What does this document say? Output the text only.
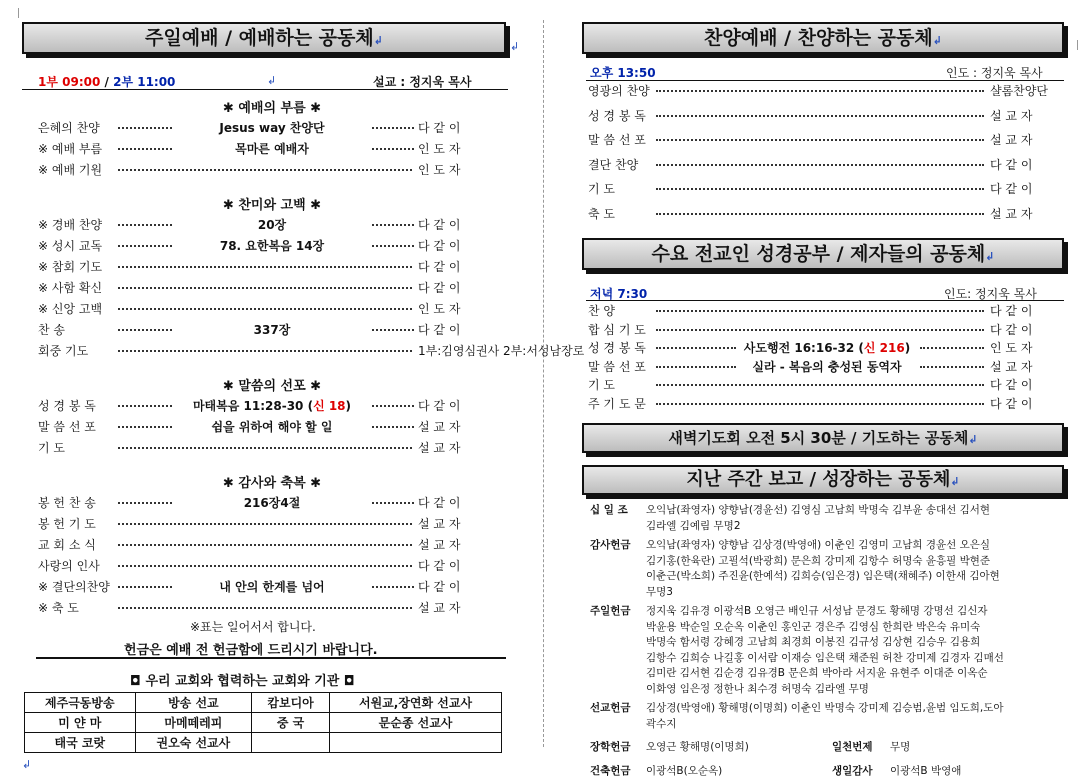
주일예배 / 예배하는 공동체↲	↲
1부 09:00 / 2부 11:00	↲	설교 : 정지욱 목사
✱ 예배의 부름 ✱
은혜의 찬양	Jesus way 찬양단	다 같 이
※ 예배 부름	목마른 예배자	인 도 자
※ 예배 기원	인 도 자
✱ 찬미와 고백 ✱
※ 경배 찬양	20장	다 같 이
※ 성시 교독	78. 요한복음 14장	다 같 이
※ 참회 기도	다 같 이
※ 사함 확신	다 같 이
※ 신앙 고백	인 도 자
찬 송	337장	다 같 이
회중 기도	1부:김영심권사 2부:서성남장로
✱ 말씀의 선포 ✱
성 경 봉 독	마태복음 11:28-30 (신 18)	다 같 이
말 씀 선 포	쉼을 위하여 해야 할 일	설 교 자
기 도	설 교 자
✱ 감사와 축복 ✱
봉 헌 찬 송	216장4절	다 같 이
봉 헌 기 도	설 교 자
교 회 소 식	설 교 자
사랑의 인사	다 같 이
※ 결단의찬양	내 안의 한계를 넘어	다 같 이
※ 축 도	설 교 자
※표는 일어서서 합니다.
헌금은 예배 전 헌금함에 드리시기 바랍니다.
◘ 우리 교회와 협력하는 교회와 기관 ◘
제주극동방송	방송 선교	캄보디아	서원교,장연화 선교사
미 얀 마	마메떼레피	중 국	문순종 선교사
태국 코랏	권오숙 선교사		
↲
찬양예배 / 찬양하는 공동체↲
오후 13:50	인도 : 정지욱 목사
영광의 찬양	샬롬찬양단
성 경 봉 독	설 교 자
말 씀 선 포	설 교 자
결단 찬양	다 같 이
기 도	다 같 이
축 도	설 교 자
수요 전교인 성경공부 / 제자들의 공동체↲
저녁 7:30	인도: 정지욱 목사
찬 양	다 같 이
합 심 기 도	다 같 이
성 경 봉 독	사도행전 16:16-32 (신 216)	인 도 자
말 씀 선 포	실라 - 복음의 충성된 동역자	설 교 자
기 도	다 같 이
주 기 도 문	다 같 이
새벽기도회 오전 5시 30분 / 기도하는 공동체↲
지난 주간 보고 / 성장하는 공동체↲
십 일 조 오익남(좌영자) 양향남(경윤선) 김영심 고남희 박명숙 김부윤 송대선 김서현
김라엘 김예림 무명2
감사헌금 오익남(좌영자) 양향남 김상경(박영애) 이춘인 김영미 고남희 경윤선 오은실
김기홍(한육란) 고필석(박광희) 문은희 강미제 김항수 허명숙 윤흥필 박현준
이춘근(박소희) 주진윤(한예석) 김희승(임은경) 임은택(채혜주) 이한새 김아현
무명3
주일헌금 정지욱 김유경 이광석B 오영근 배인규 서성남 문경도 황해명 강명선 김신자
박윤용 박순일 오순옥 이춘인 홍인군 경은주 김영심 한희란 박은숙 유미숙
박명숙 함서령 강혜경 고남희 최경희 이봉진 김규성 김상현 김승우 김용희
김항수 김희승 나길홍 이서람 이재승 임은택 채준원 허찬 강미제 김경자 김매선
김미란 김서현 김순경 김유경B 문은희 박아라 서지윤 유현주 이대준 이옥순
이화영 임은정 정한나 최수경 허명숙 김라엘 무명
선교헌금 김상경(박영애) 황해명(이명희) 이춘인 박명숙 강미제 김승범,윤범 임도희,도아
곽수지
장학헌금 오영근 황해명(이명희)	일천번제 무명
건축헌금 이광석B(오순옥)	생일감사 이광석B 박영애
